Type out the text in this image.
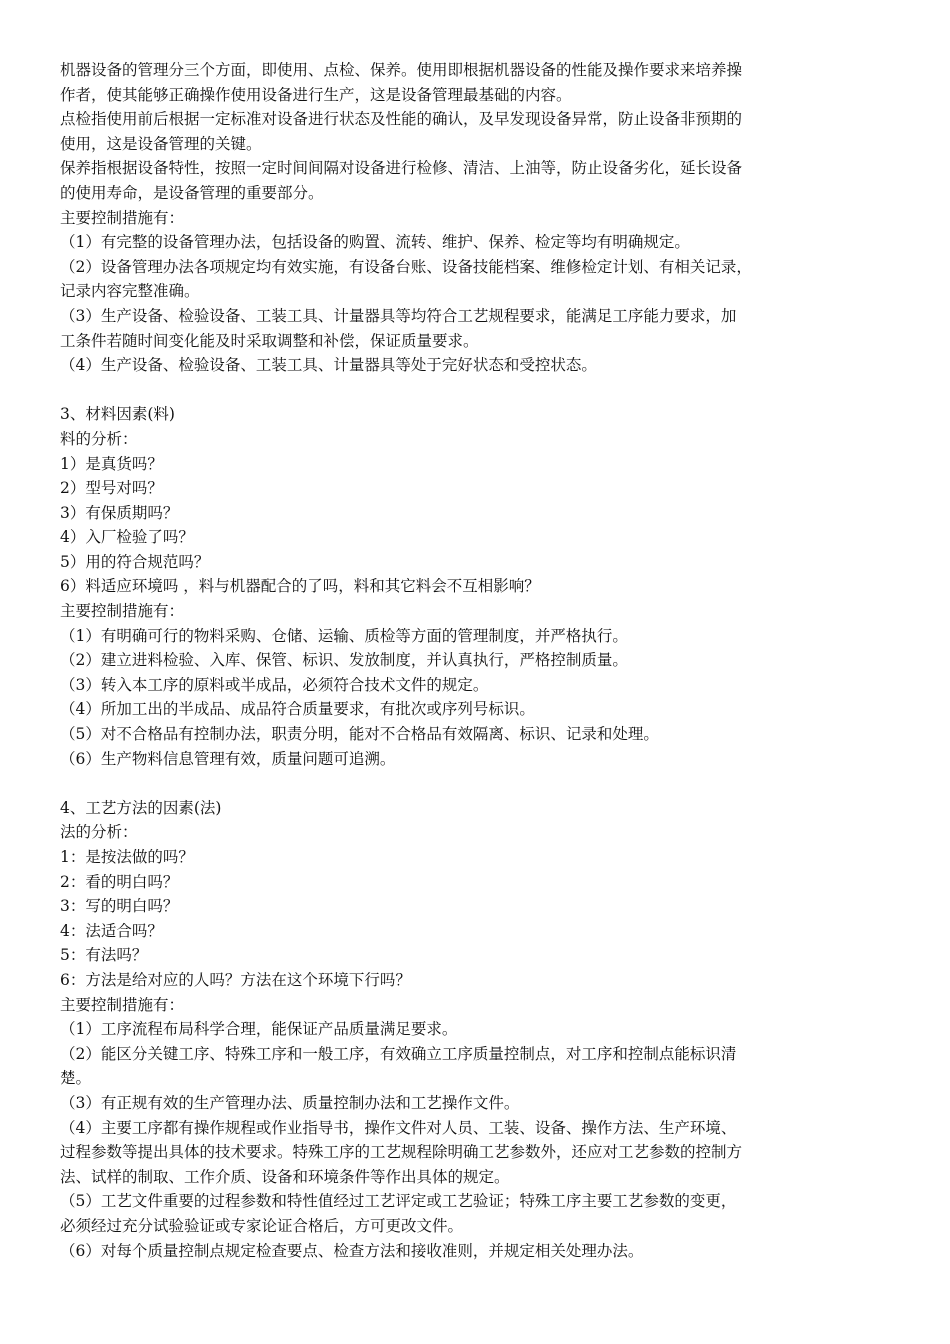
机器设备的管理分三个方面，即使用、点检、保养。使用即根据机器设备的性能及操作要求来培养操
作者，使其能够正确操作使用设备进行生产，这是设备管理最基础的内容。
点检指使用前后根据一定标准对设备进行状态及性能的确认，及早发现设备异常，防止设备非预期的
使用，这是设备管理的关键。
保养指根据设备特性，按照一定时间间隔对设备进行检修、清洁、上油等，防止设备劣化，延长设备
的使用寿命，是设备管理的重要部分。
主要控制措施有：
（1）有完整的设备管理办法，包括设备的购置、流转、维护、保养、检定等均有明确规定。
（2）设备管理办法各项规定均有效实施，有设备台账、设备技能档案、维修检定计划、有相关记录，
记录内容完整准确。
（3）生产设备、检验设备、工装工具、计量器具等均符合工艺规程要求，能满足工序能力要求，加
工条件若随时间变化能及时采取调整和补偿，保证质量要求。
（4）生产设备、检验设备、工装工具、计量器具等处于完好状态和受控状态。
3、材料因素(料)
料的分析：
1）是真货吗？
2）型号对吗？
3）有保质期吗？
4）入厂检验了吗？
5）用的符合规范吗？
6）料适应环境吗 ，料与机器配合的了吗，料和其它料会不互相影响？
主要控制措施有：
（1）有明确可行的物料采购、仓储、运输、质检等方面的管理制度，并严格执行。
（2）建立进料检验、入库、保管、标识、发放制度，并认真执行，严格控制质量。
（3）转入本工序的原料或半成品，必须符合技术文件的规定。
（4）所加工出的半成品、成品符合质量要求，有批次或序列号标识。
（5）对不合格品有控制办法，职责分明，能对不合格品有效隔离、标识、记录和处理。
（6）生产物料信息管理有效，质量问题可追溯。
4、工艺方法的因素(法)
法的分析：
1：是按法做的吗？
2：看的明白吗？
3：写的明白吗？
4：法适合吗？
5：有法吗？
6：方法是给对应的人吗？方法在这个环境下行吗？
主要控制措施有：
（1）工序流程布局科学合理，能保证产品质量满足要求。
（2）能区分关键工序、特殊工序和一般工序，有效确立工序质量控制点，对工序和控制点能标识清
楚。
（3）有正规有效的生产管理办法、质量控制办法和工艺操作文件。
（4）主要工序都有操作规程或作业指导书，操作文件对人员、工装、设备、操作方法、生产环境、
过程参数等提出具体的技术要求。特殊工序的工艺规程除明确工艺参数外，还应对工艺参数的控制方
法、试样的制取、工作介质、设备和环境条件等作出具体的规定。
（5）工艺文件重要的过程参数和特性值经过工艺评定或工艺验证；特殊工序主要工艺参数的变更，
必须经过充分试验验证或专家论证合格后，方可更改文件。
（6）对每个质量控制点规定检查要点、检查方法和接收准则，并规定相关处理办法。
